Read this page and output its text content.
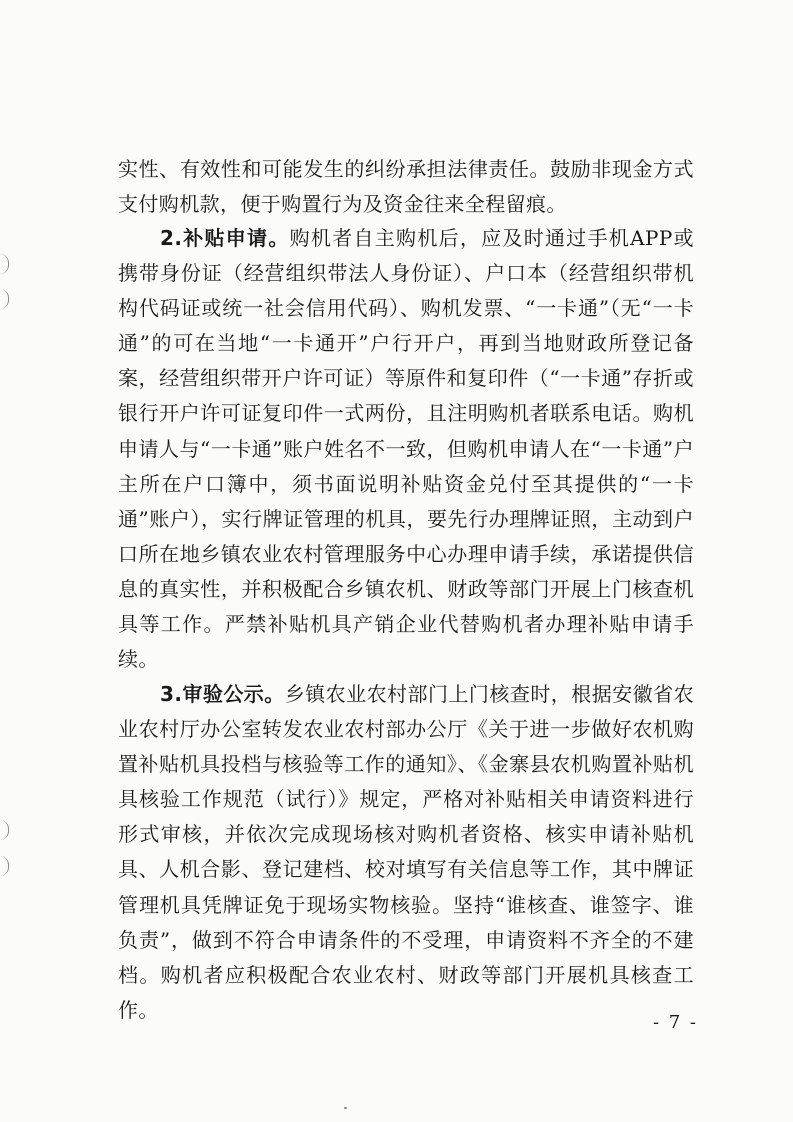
实性、有效性和可能发生的纠纷承担法律责任。鼓励非现金方式支付购机款，便于购置行为及资金往来全程留痕。

2.补贴申请。购机者自主购机后，应及时通过手机APP或携带身份证（经营组织带法人身份证）、户口本（经营组织带机构代码证或统一社会信用代码）、购机发票、“一卡通”（无“一卡通”的可在当地“一卡通开”户行开户，再到当地财政所登记备案，经营组织带开户许可证）等原件和复印件（“一卡通”存折或银行开户许可证复印件一式两份，且注明购机者联系电话。购机申请人与“一卡通”账户姓名不一致，但购机申请人在“一卡通”户主所在户口簿中，须书面说明补贴资金兑付至其提供的“一卡通”账户），实行牌证管理的机具，要先行办理牌证照，主动到户口所在地乡镇农业农村管理服务中心办理申请手续，承诺提供信息的真实性，并积极配合乡镇农机、财政等部门开展上门核查机具等工作。严禁补贴机具产销企业代替购机者办理补贴申请手续。

3.审验公示。乡镇农业农村部门上门核查时，根据安徽省农业农村厅办公室转发农业农村部办公厅《关于进一步做好农机购置补贴机具投档与核验等工作的通知》、《金寨县农机购置补贴机具核验工作规范（试行）》规定，严格对补贴相关申请资料进行形式审核，并依次完成现场核对购机者资格、核实申请补贴机具、人机合影、登记建档、校对填写有关信息等工作，其中牌证管理机具凭牌证免于现场实物核验。坚持“谁核查、谁签字、谁负责”，做到不符合申请条件的不受理，申请资料不齐全的不建档。购机者应积极配合农业农村、财政等部门开展机具核查工作。

- 7 -
